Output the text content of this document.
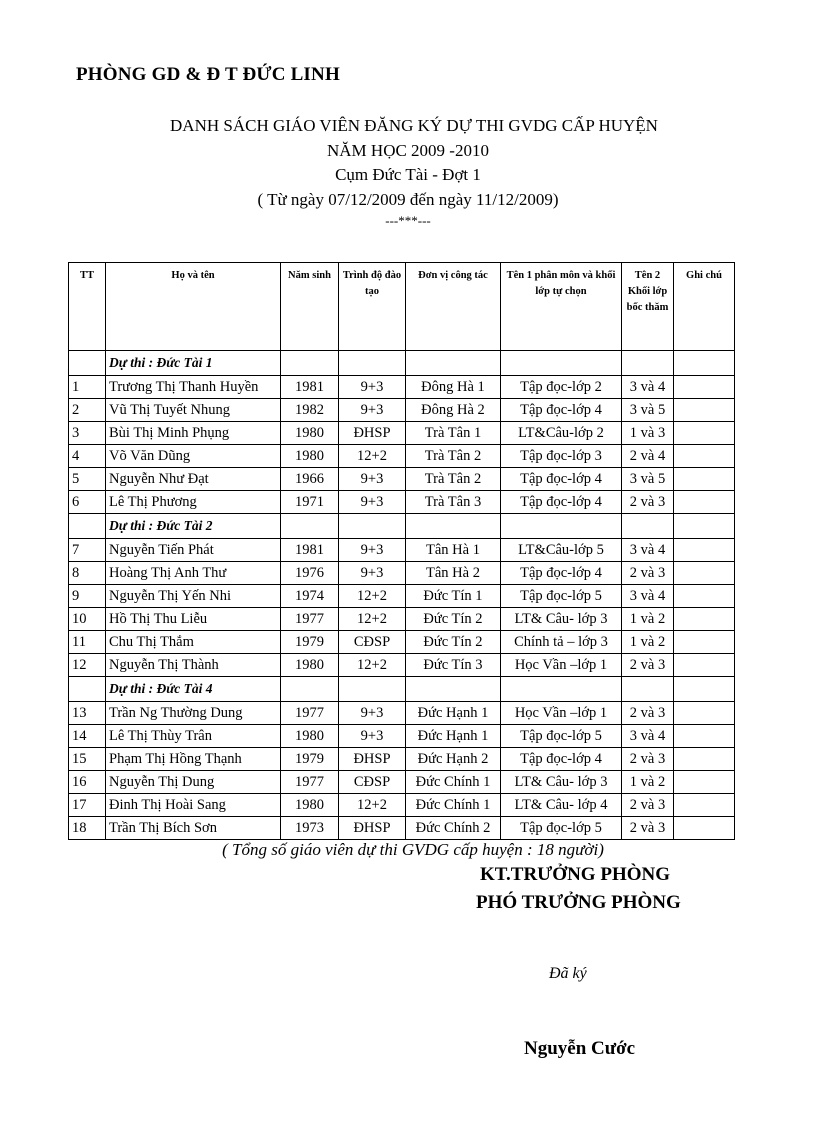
PHÒNG GD & Đ T ĐỨC LINH
DANH SÁCH GIÁO VIÊN ĐĂNG KÝ DỰ THI GVDG CẤP HUYỆN
NĂM HỌC 2009 -2010
Cụm Đức Tài - Đợt 1
( Từ ngày 07/12/2009 đến ngày 11/12/2009)
---***---
TT	Họ và tên	Năm sinh	Trình độ đào tạo	Đơn vị công tác	Tên 1 phân môn và khối lớp tự chọn	Tên 2 Khối lớp bốc thăm	Ghi chú
	Dự thi : Đức Tài 1						
1	Trương Thị Thanh Huyền	1981	9+3	Đông Hà 1	Tập đọc-lớp 2	3 và 4	
2	Vũ Thị Tuyết Nhung	1982	9+3	Đông Hà 2	Tập đọc-lớp 4	3 và 5	
3	Bùi Thị Minh Phụng	1980	ĐHSP	Trà Tân 1	LT&Câu-lớp 2	1 và 3	
4	Võ Văn Dũng	1980	12+2	Trà Tân 2	Tập đọc-lớp 3	2 và 4	
5	Nguyễn Như Đạt	1966	9+3	Trà Tân 2	Tập đọc-lớp 4	3 và 5	
6	Lê Thị Phương	1971	9+3	Trà Tân 3	Tập đọc-lớp 4	2 và 3	
	Dự thi : Đức Tài 2						
7	Nguyễn Tiến Phát	1981	9+3	Tân Hà 1	LT&Câu-lớp 5	3 và 4	
8	Hoàng Thị Anh Thư	1976	9+3	Tân Hà 2	Tập đọc-lớp 4	2 và 3	
9	Nguyễn Thị Yến Nhi	1974	12+2	Đức Tín 1	Tập đọc-lớp 5	3 và 4	
10	Hồ Thị Thu Liễu	1977	12+2	Đức Tín 2	LT& Câu- lớp 3	1 và 2	
11	Chu Thị Thắm	1979	CĐSP	Đức Tín 2	Chính tả – lớp 3	1 và 2	
12	Nguyễn Thị Thành	1980	12+2	Đức Tín 3	Học Vần –lớp 1	2 và 3	
	Dự thi : Đức Tài 4						
13	Trần Ng Thường Dung	1977	9+3	Đức Hạnh 1	Học Vần –lớp 1	2 và 3	
14	Lê Thị Thùy Trân	1980	9+3	Đức Hạnh 1	Tập đọc-lớp 5	3 và 4	
15	Phạm Thị Hồng Thạnh	1979	ĐHSP	Đức Hạnh 2	Tập đọc-lớp 4	2 và 3	
16	Nguyễn Thị Dung	1977	CĐSP	Đức Chính 1	LT& Câu- lớp 3	1 và 2	
17	Đinh Thị Hoài Sang	1980	12+2	Đức Chính 1	LT& Câu- lớp 4	2 và 3	
18	Trần Thị Bích Sơn	1973	ĐHSP	Đức Chính 2	Tập đọc-lớp 5	2 và 3	
( Tổng số giáo viên dự thi GVDG cấp huyện : 18 người)
KT.TRƯỞNG PHÒNG
PHÓ TRƯỞNG PHÒNG
Đã ký
Nguyễn Cước
